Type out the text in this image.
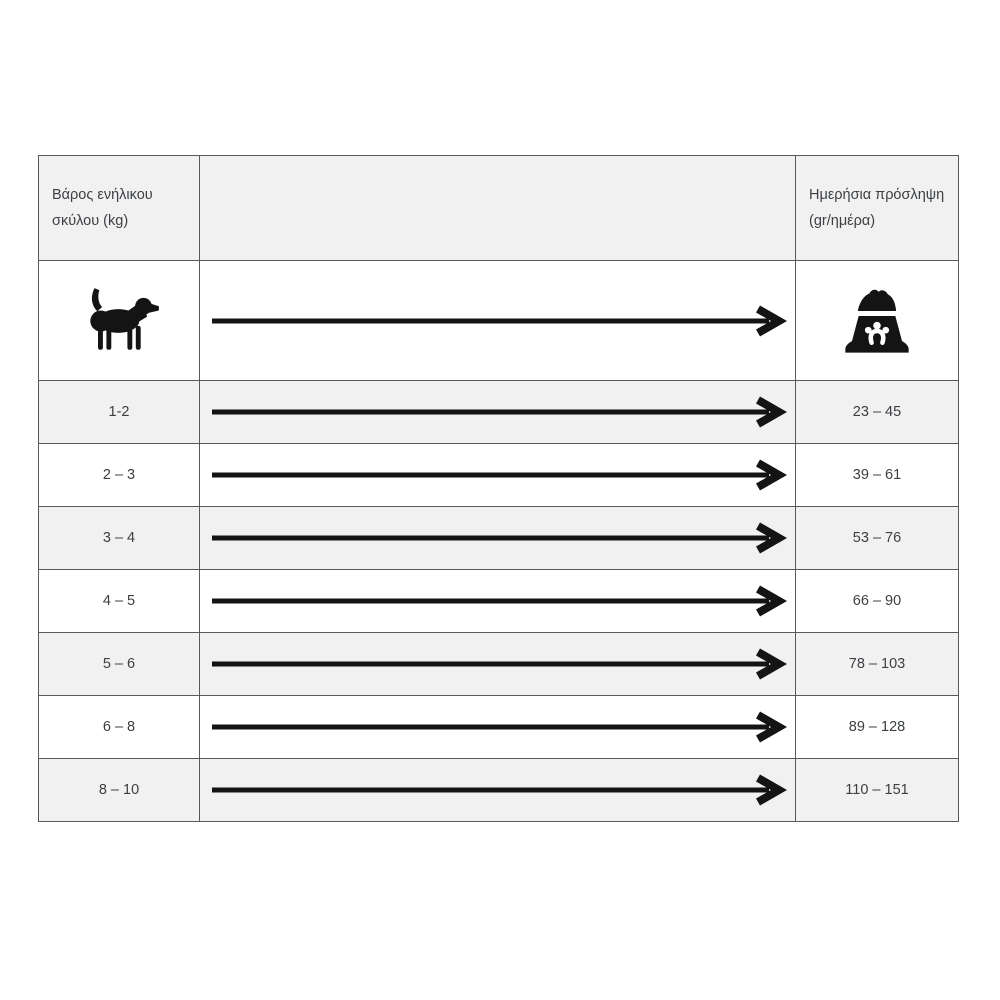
Βάρος ενήλικου σκύλου (kg)		Ημερήσια πρόσληψη (gr/ημέρα)

1-2		23 – 45
2 – 3		39 – 61
3 – 4		53 – 76
4 – 5		66 – 90
5 – 6		78 – 103
6 – 8		89 – 128
8 – 10		110 – 151
